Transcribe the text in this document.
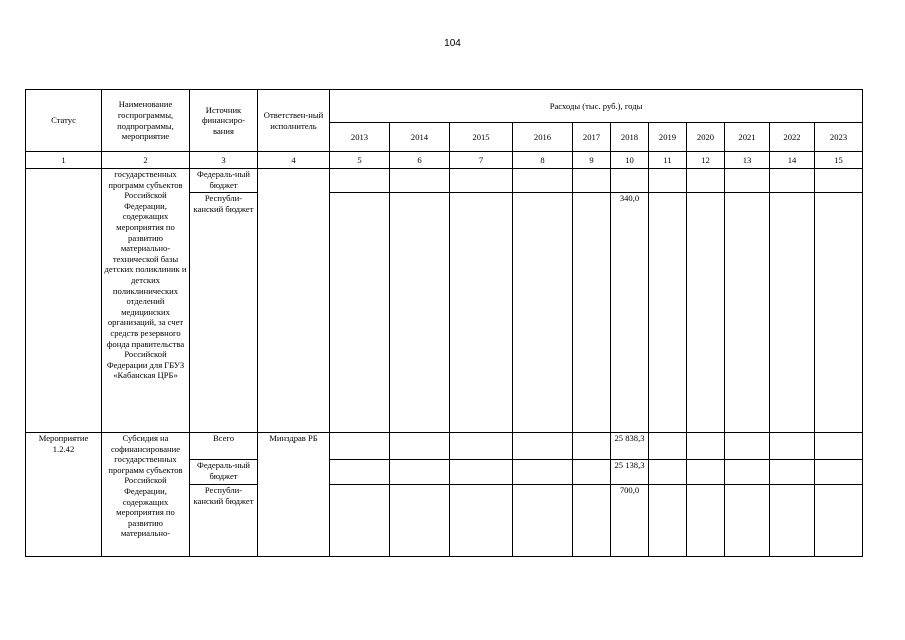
104
Статус	Наименование госпрограммы, подпрограммы, мероприятие	Источник финансиро-вания	Ответствен-ный исполнитель	Расходы (тыс. руб.), годы										
				2013	2014	2015	2016	2017	2018	2019	2020	2021	2022	2023
1	2	3	4	5	6	7	8	9	10	11	12	13	14	15
	государственных программ субъектов Российской Федерации, содержащих мероприятия по развитию материально-технической базы детских поликлиник и детских поликлинических отделений медицинских организаций, за счет средств резервного фонда правительства Российской Федерации для ГБУЗ «Кабанская ЦРБ»	Федераль-ный бюджет												
		Республи-канский бюджет							340,0					
Мероприятие 1.2.42	Субсидия на софинансирование государственных программ субъектов Российской Федерации, содержащих мероприятия по развитию материально-	Всего	Минздрав РБ						25 838,3					
		Федераль-ный бюджет							25 138,3					
		Республи-канский бюджет							700,0					
